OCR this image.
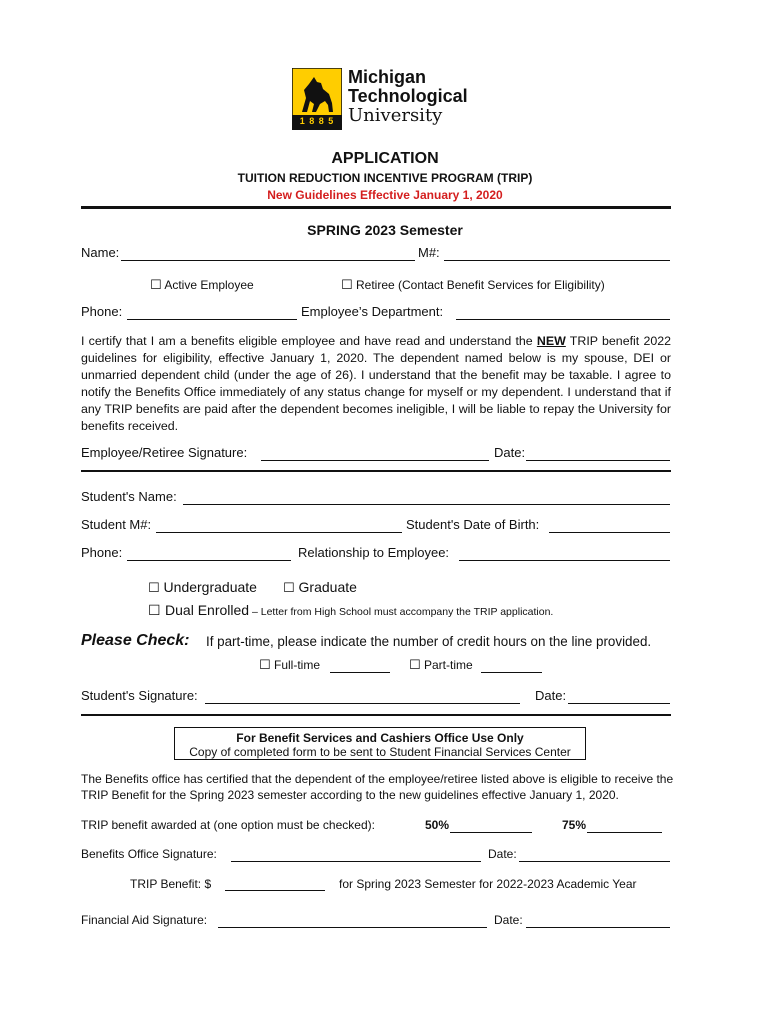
1 8 8 5
Michigan
Technological
University
APPLICATION
TUITION REDUCTION INCENTIVE PROGRAM (TRIP)
New Guidelines Effective January 1, 2020
SPRING 2023 Semester
Name:	M#:
☐ Active Employee	☐ Retiree (Contact Benefit Services for Eligibility)
Phone:	Employee’s Department:
I certify that I am a benefits eligible employee and have read and understand the NEW TRIP benefit 2022 guidelines for eligibility, effective January 1, 2020. The dependent named below is my spouse, DEI or unmarried dependent child (under the age of 26). I understand that the benefit may be taxable. I agree to notify the Benefits Office immediately of any status change for myself or my dependent. I understand that if any TRIP benefits are paid after the dependent becomes ineligible, I will be liable to repay the University for benefits received.
Employee/Retiree Signature:	Date:
Student's Name:
Student M#:	Student's Date of Birth:
Phone:	Relationship to Employee:
☐ Undergraduate ☐ Graduate
☐ Dual Enrolled – Letter from High School must accompany the TRIP application.
Please Check: If part-time, please indicate the number of credit hours on the line provided.
☐ Full-time	☐ Part-time
Student's Signature:	Date:
For Benefit Services and Cashiers Office Use Only
Copy of completed form to be sent to Student Financial Services Center
The Benefits office has certified that the dependent of the employee/retiree listed above is eligible to receive the TRIP Benefit for the Spring 2023 semester according to the new guidelines effective January 1, 2020.
TRIP benefit awarded at (one option must be checked):	50%	75%
Benefits Office Signature:	Date:
TRIP Benefit: $	for Spring 2023 Semester for 2022-2023 Academic Year
Financial Aid Signature:	Date:
